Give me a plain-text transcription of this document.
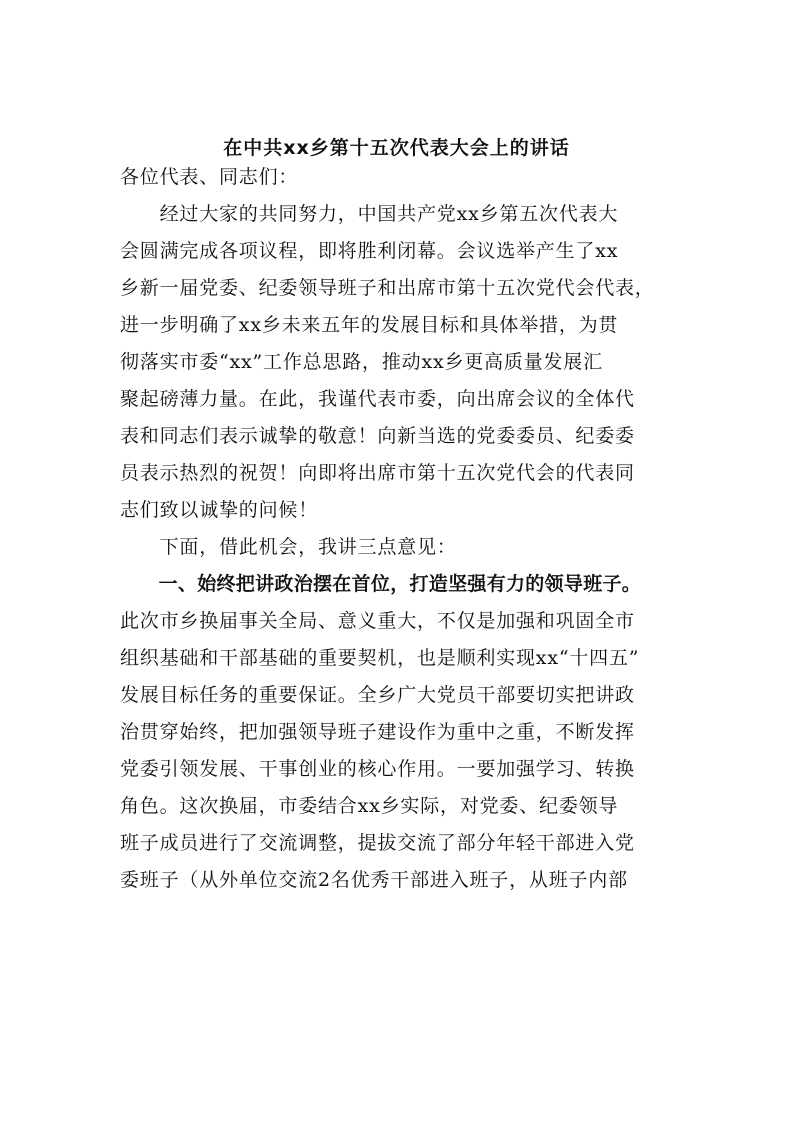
在中共xx乡第十五次代表大会上的讲话
各位代表、同志们：
　　经过大家的共同努力，中国共产党xx乡第五次代表大
会圆满完成各项议程，即将胜利闭幕。会议选举产生了xx
乡新一届党委、纪委领导班子和出席市第十五次党代会代表，
进一步明确了xx乡未来五年的发展目标和具体举措，为贯
彻落实市委“xx”工作总思路，推动xx乡更高质量发展汇
聚起磅薄力量。在此，我谨代表市委，向出席会议的全体代
表和同志们表示诚挚的敬意！向新当选的党委委员、纪委委
员表示热烈的祝贺！向即将出席市第十五次党代会的代表同
志们致以诚挚的问候！
　　下面，借此机会，我讲三点意见：
　　一、始终把讲政治摆在首位，打造坚强有力的领导班子。
此次市乡换届事关全局、意义重大，不仅是加强和巩固全市
组织基础和干部基础的重要契机，也是顺利实现xx“十四五”
发展目标任务的重要保证。全乡广大党员干部要切实把讲政
治贯穿始终，把加强领导班子建设作为重中之重，不断发挥
党委引领发展、干事创业的核心作用。一要加强学习、转换
角色。这次换届，市委结合xx乡实际，对党委、纪委领导
班子成员进行了交流调整，提拔交流了部分年轻干部进入党
委班子（从外单位交流2名优秀干部进入班子，从班子内部
